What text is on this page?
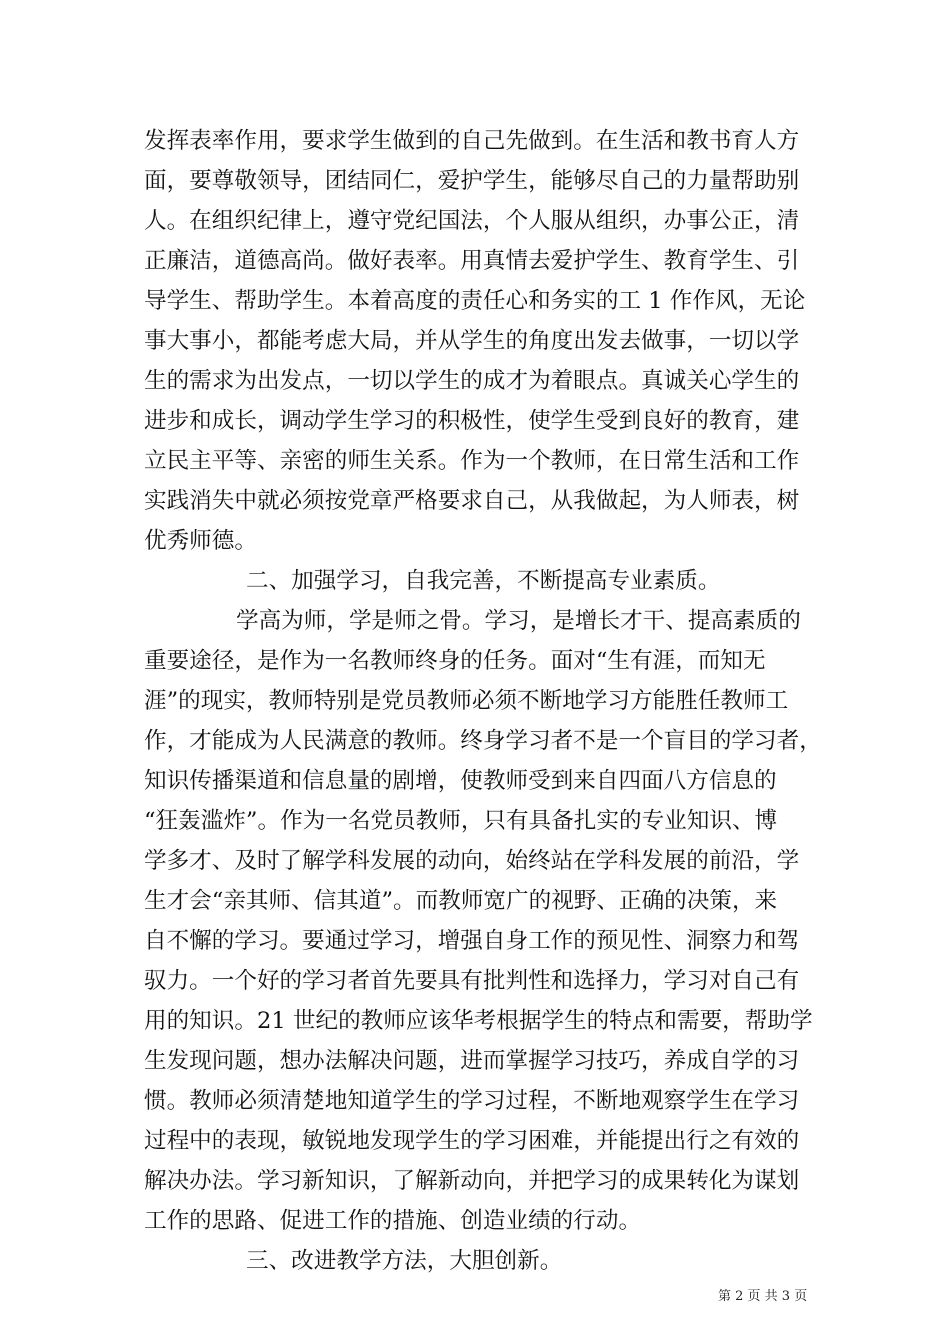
发挥表率作用，要求学生做到的自己先做到。在生活和教书育人方
面，要尊敬领导，团结同仁，爱护学生，能够尽自己的力量帮助别
人。在组织纪律上，遵守党纪国法，个人服从组织，办事公正，清
正廉洁，道德高尚。做好表率。用真情去爱护学生、教育学生、引
导学生、帮助学生。本着高度的责任心和务实的工 1 作作风，无论
事大事小，都能考虑大局，并从学生的角度出发去做事，一切以学
生的需求为出发点，一切以学生的成才为着眼点。真诚关心学生的
进步和成长，调动学生学习的积极性，使学生受到良好的教育，建
立民主平等、亲密的师生关系。作为一个教师，在日常生活和工作
实践消失中就必须按党章严格要求自己，从我做起，为人师表，树
优秀师德。
二、加强学习，自我完善，不断提高专业素质。
学高为师，学是师之骨。学习，是增长才干、提高素质的
重要途径，是作为一名教师终身的任务。面对“生有涯，而知无
涯”的现实，教师特别是党员教师必须不断地学习方能胜任教师工
作，才能成为人民满意的教师。终身学习者不是一个盲目的学习者，
知识传播渠道和信息量的剧增，使教师受到来自四面八方信息的
“狂轰滥炸”。作为一名党员教师，只有具备扎实的专业知识、博
学多才、及时了解学科发展的动向，始终站在学科发展的前沿，学
生才会“亲其师、信其道”。而教师宽广的视野、正确的决策，来
自不懈的学习。要通过学习，增强自身工作的预见性、洞察力和驾
驭力。一个好的学习者首先要具有批判性和选择力，学习对自己有
用的知识。21 世纪的教师应该华考根据学生的特点和需要，帮助学
生发现问题，想办法解决问题，进而掌握学习技巧，养成自学的习
惯。教师必须清楚地知道学生的学习过程，不断地观察学生在学习
过程中的表现，敏锐地发现学生的学习困难，并能提出行之有效的
解决办法。学习新知识，了解新动向，并把学习的成果转化为谋划
工作的思路、促进工作的措施、创造业绩的行动。
三、改进教学方法，大胆创新。
第 2 页 共 3 页
